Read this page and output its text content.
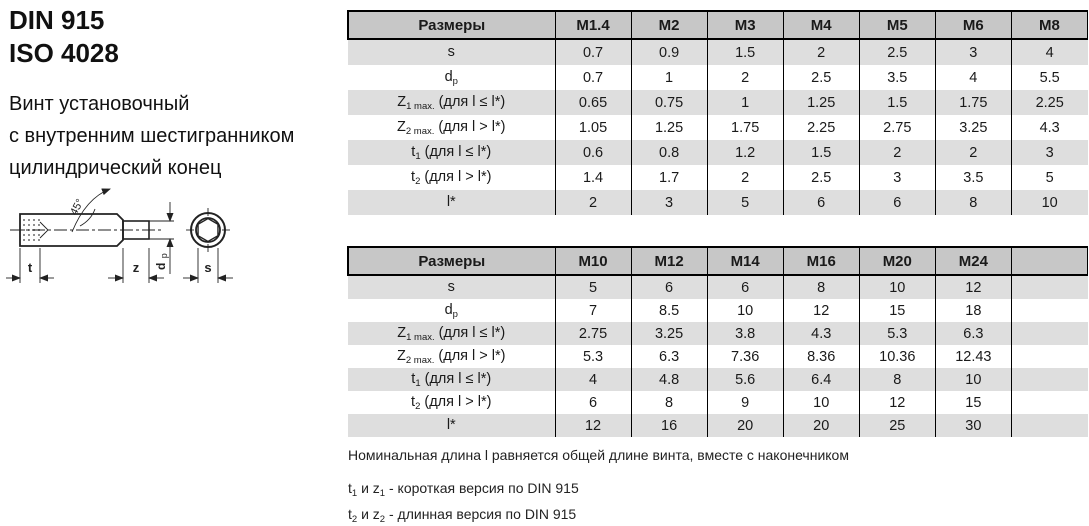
DIN 915
ISO 4028
Винт установочный
с внутренним шестигранником
цилиндрический конец
45°
t	z d p
s
Размеры	M1.4	M2	M3	M4	M5	M6	M8
s	0.7	0.9	1.5	2	2.5	3	4
$d_p$	0.7	1	2	2.5	3.5	4	5.5
$Z_{1 max.}$ (для l ≤ l*)	0.65	0.75	1	1.25	1.5	1.75	2.25
$Z_{2 max.}$ (для l > l*)	1.05	1.25	1.75	2.25	2.75	3.25	4.3
$t_1$ (для l ≤ l*)	0.6	0.8	1.2	1.5	2	2	3
$t_2$ (для l > l*)	1.4	1.7	2	2.5	3	3.5	5
l*	2	3	5	6	6	8	10
Размеры	M10	M12	M14	M16	M20	M24	
s	5	6	6	8	10	12	
$d_p$	7	8.5	10	12	15	18	
$Z_{1 max.}$ (для l ≤ l*)	2.75	3.25	3.8	4.3	5.3	6.3	
$Z_{2 max.}$ (для l > l*)	5.3	6.3	7.36	8.36	10.36	12.43	
$t_1$ (для l ≤ l*)	4	4.8	5.6	6.4	8	10	
$t_2$ (для l > l*)	6	8	9	10	12	15	
l*	12	16	20	20	25	30	

Номинальная длина l равняется общей длине винта, вместе с наконечником

$t_1$ и $z_1$ - короткая версия по DIN 915

$t_2$ и $z_2$ - длинная версия по DIN 915
